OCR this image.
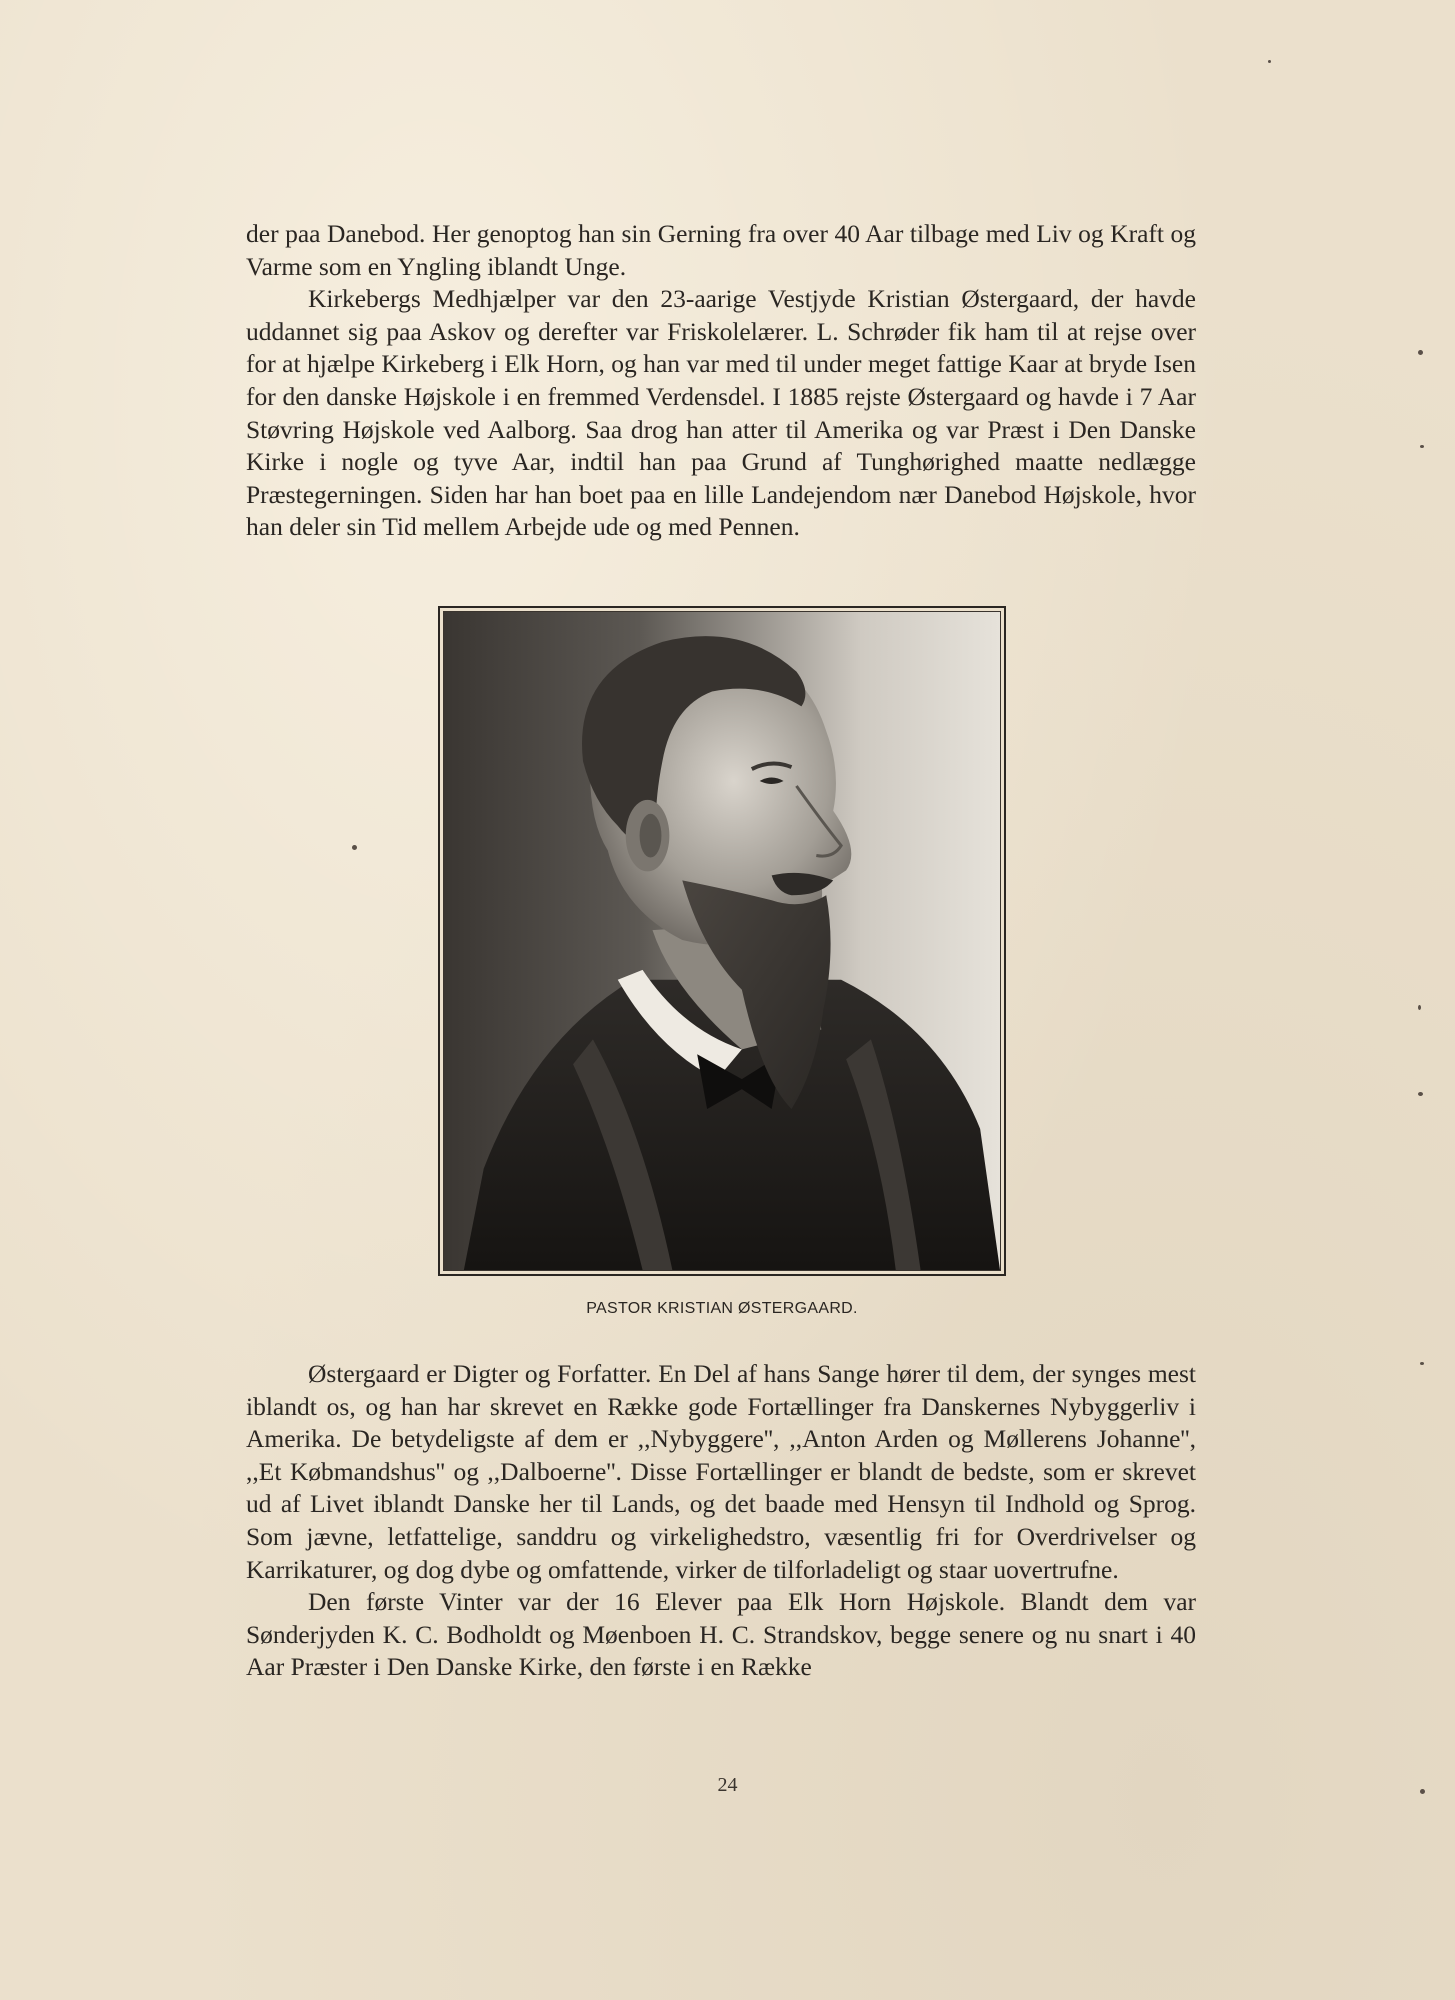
der paa Danebod. Her genoptog han sin Gerning fra over 40 Aar tilbage med Liv og Kraft og Varme som en Yngling iblandt Unge.

Kirkebergs Medhjælper var den 23-aarige Vestjyde Kristian Østergaard, der havde uddannet sig paa Askov og derefter var Friskolelærer. L. Schrøder fik ham til at rejse over for at hjælpe Kirkeberg i Elk Horn, og han var med til under meget fattige Kaar at bryde Isen for den danske Højskole i en fremmed Verdensdel. I 1885 rejste Østergaard og havde i 7 Aar Støvring Højskole ved Aalborg. Saa drog han atter til Amerika og var Præst i Den Danske Kirke i nogle og tyve Aar, indtil han paa Grund af Tunghørighed maatte nedlægge Præstegerningen. Siden har han boet paa en lille Landejendom nær Danebod Højskole, hvor han deler sin Tid mellem Arbejde ude og med Pennen.

PASTOR KRISTIAN ØSTERGAARD.

Østergaard er Digter og Forfatter. En Del af hans Sange hører til dem, der synges mest iblandt os, og han har skrevet en Række gode Fortællinger fra Danskernes Nybyggerliv i Amerika. De betydeligste af dem er ,,Nybyggere'', ,,Anton Arden og Møllerens Johanne'', ,,Et Købmandshus'' og ,,Dalboerne''. Disse Fortællinger er blandt de bedste, som er skrevet ud af Livet iblandt Danske her til Lands, og det baade med Hensyn til Indhold og Sprog. Som jævne, letfattelige, sanddru og virkelighedstro, væsentlig fri for Overdrivelser og Karrikaturer, og dog dybe og omfattende, virker de tilforladeligt og staar uovertrufne.

Den første Vinter var der 16 Elever paa Elk Horn Højskole. Blandt dem var Sønderjyden K. C. Bodholdt og Møenboen H. C. Strandskov, begge senere og nu snart i 40 Aar Præster i Den Danske Kirke, den første i en Række

24
